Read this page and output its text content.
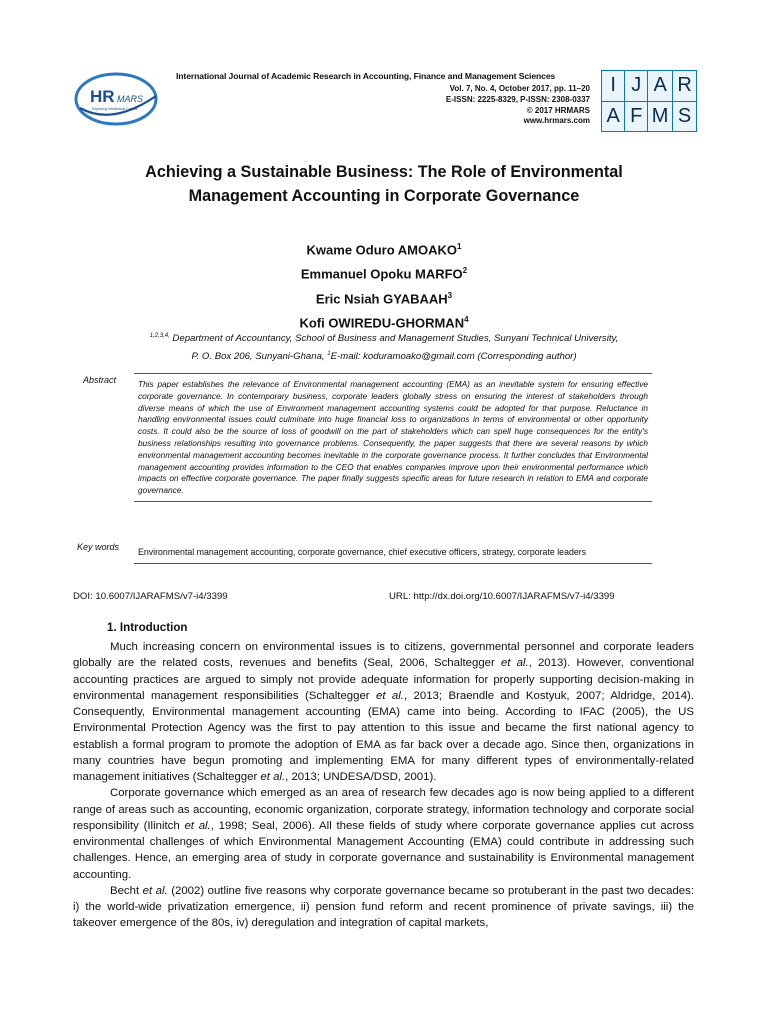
HR MARS
Exploring Intellectual Capital
International Journal of Academic Research in Accounting, Finance and Management Sciences
Vol. 7, No. 4, October 2017, pp. 11–20
E-ISSN: 2225-8329, P-ISSN: 2308-0337
© 2017 HRMARS
www.hrmars.com
I	J	A	R
A	F	M	S
Achieving a Sustainable Business: The Role of Environmental
Management Accounting in Corporate Governance
Kwame Oduro AMOAKO$^1$
Emmanuel Opoku MARFO$^2$
Eric Nsiah GYABAAH$^3$
Kofi OWIREDU-GHORMAN$^4$
$^{1,2,3,4,}$ Department of Accountancy, School of Business and Management Studies, Sunyani Technical University,
P. O. Box 206, Sunyani-Ghana, $^1$E-mail: koduramoako@gmail.com (Corresponding author)
Abstract	This paper establishes the relevance of Environmental management accounting (EMA) as an inevitable system for ensuring effective corporate governance. In contemporary business, corporate leaders globally stress on ensuring the interest of stakeholders through diverse means of which the use of Environment management accounting systems could be adopted for that purpose. Reluctance in handling environmental issues could culminate into huge financial loss to organizations in terms of environmental or other opportunity costs. It could also be the source of loss of goodwill on the part of stakeholders which can spell huge consequences for the entity's business relationships resulting into governance problems. Consequently, the paper suggests that there are several reasons by which environmental management accounting becomes inevitable in the corporate governance process. It further concludes that Environmental management accounting provides information to the CEO that enables companies improve upon their environmental performance which impacts on effective corporate governance. The paper finally suggests specific areas for future research in relation to EMA and corporate governance.
Key words Environmental management accounting, corporate governance, chief executive officers, strategy, corporate leaders
DOI: 10.6007/IJARAFMS/v7-i4/3399	URL: http://dx.doi.org/10.6007/IJARAFMS/v7-i4/3399
1. Introduction

Much increasing concern on environmental issues is to citizens, governmental personnel and corporate leaders globally are the related costs, revenues and benefits (Seal, 2006, Schaltegger et al., 2013). However, conventional accounting practices are argued to simply not provide adequate information for properly supporting decision-making in environmental management responsibilities (Schaltegger et al., 2013; Braendle and Kostyuk, 2007; Aldridge, 2014). Consequently, Environmental management accounting (EMA) came into being. According to IFAC (2005), the US Environmental Protection Agency was the first to pay attention to this issue and became the first national agency to establish a formal program to promote the adoption of EMA as far back over a decade ago. Since then, organizations in many countries have begun promoting and implementing EMA for many different types of environmentally-related management initiatives (Schaltegger et al., 2013; UNDESA/DSD, 2001).

Corporate governance which emerged as an area of research few decades ago is now being applied to a different range of areas such as accounting, economic organization, corporate strategy, information technology and corporate social responsibility (Ilinitch et al., 1998; Seal, 2006). All these fields of study where corporate governance applies cut across environmental challenges of which Environmental Management Accounting (EMA) could contribute in addressing such challenges. Hence, an emerging area of study in corporate governance and sustainability is Environmental management accounting.

Becht et al. (2002) outline five reasons why corporate governance became so protuberant in the past two decades: i) the world-wide privatization emergence, ii) pension fund reform and recent prominence of private savings, iii) the takeover emergence of the 80s, iv) deregulation and integration of capital markets,
